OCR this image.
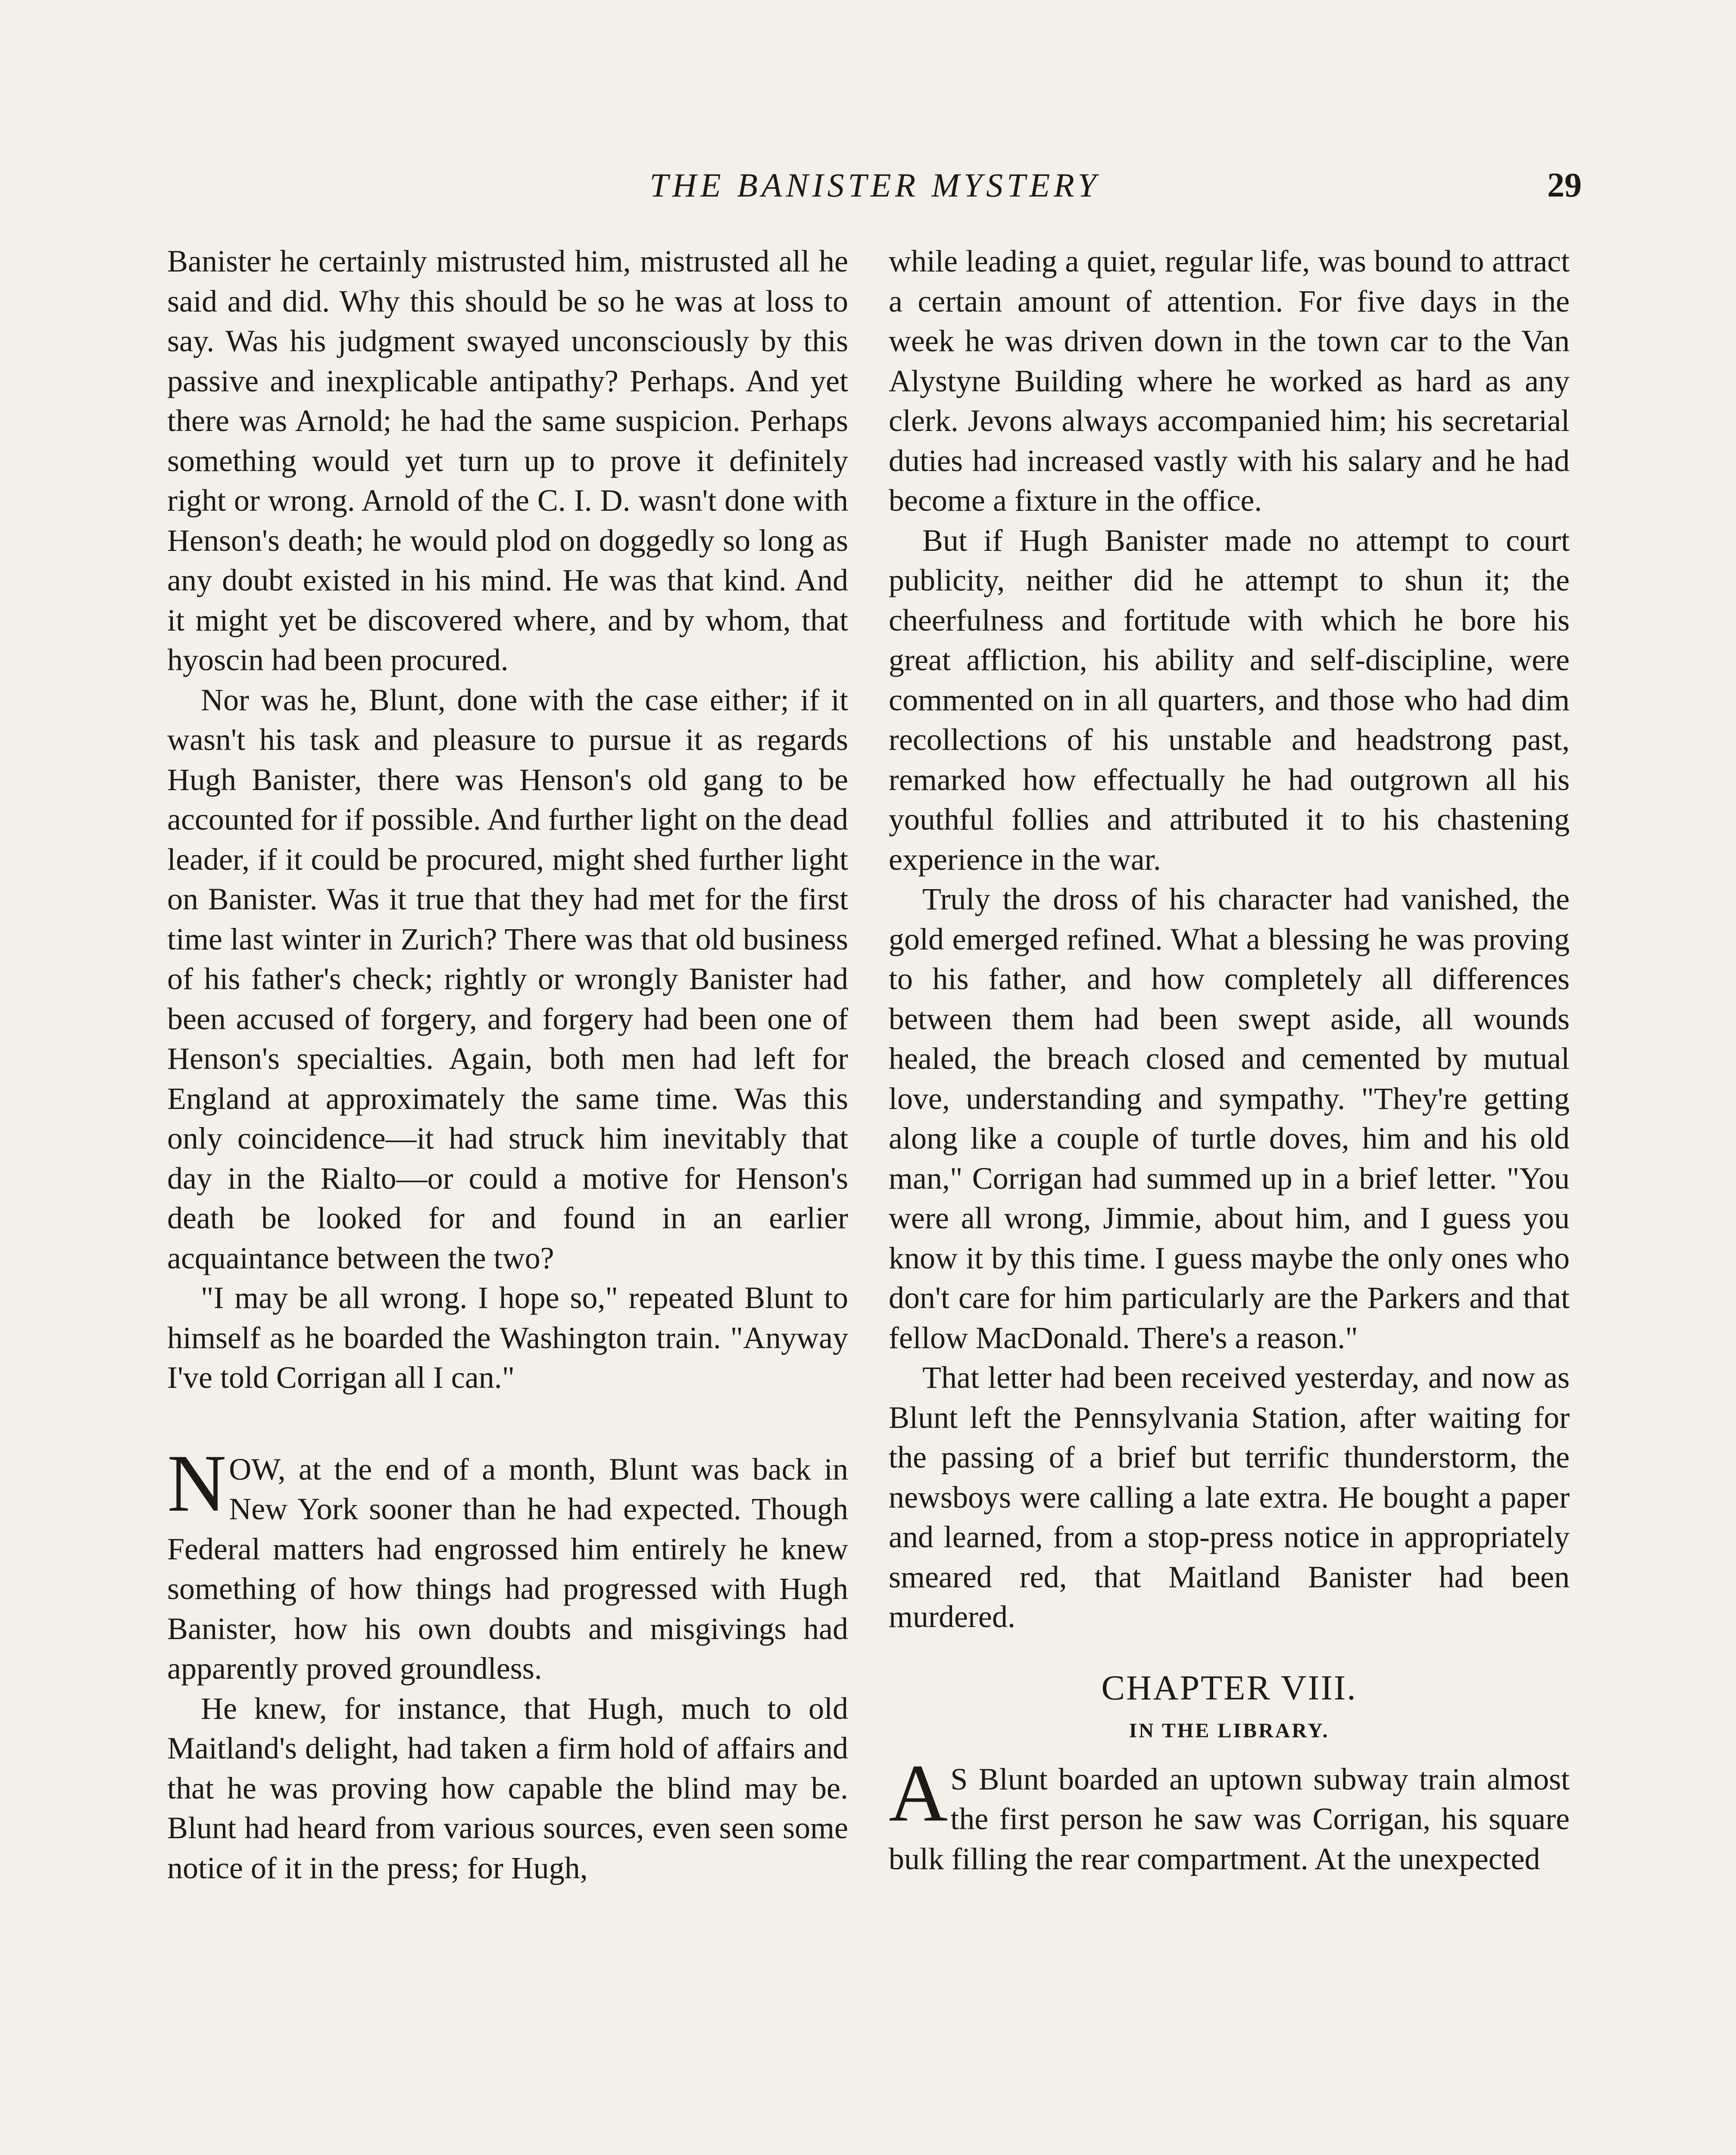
THE BANISTER MYSTERY	29

Banister he certainly mistrusted him, mistrusted all he said and did. Why this should be so he was at loss to say. Was his judgment swayed unconsciously by this passive and inexplicable antipathy? Perhaps. And yet there was Arnold; he had the same suspicion. Perhaps something would yet turn up to prove it definitely right or wrong. Arnold of the C. I. D. wasn't done with Henson's death; he would plod on doggedly so long as any doubt existed in his mind. He was that kind. And it might yet be discovered where, and by whom, that hyoscin had been procured.

Nor was he, Blunt, done with the case either; if it wasn't his task and pleasure to pursue it as regards Hugh Banister, there was Henson's old gang to be accounted for if possible. And further light on the dead leader, if it could be procured, might shed further light on Banister. Was it true that they had met for the first time last winter in Zurich? There was that old business of his father's check; rightly or wrongly Banister had been accused of forgery, and forgery had been one of Henson's specialties. Again, both men had left for England at approximately the same time. Was this only coincidence—it had struck him inevitably that day in the Rialto—or could a motive for Henson's death be looked for and found in an earlier acquaintance between the two?

"I may be all wrong. I hope so," repeated Blunt to himself as he boarded the Washington train. "Anyway I've told Corrigan all I can."

NOW, at the end of a month, Blunt was back in New York sooner than he had expected. Though Federal matters had engrossed him entirely he knew something of how things had progressed with Hugh Banister, how his own doubts and misgivings had apparently proved groundless.

He knew, for instance, that Hugh, much to old Maitland's delight, had taken a firm hold of affairs and that he was proving how capable the blind may be. Blunt had heard from various sources, even seen some notice of it in the press; for Hugh,

while leading a quiet, regular life, was bound to attract a certain amount of attention. For five days in the week he was driven down in the town car to the Van Alystyne Building where he worked as hard as any clerk. Jevons always accompanied him; his secretarial duties had increased vastly with his salary and he had become a fixture in the office.

But if Hugh Banister made no attempt to court publicity, neither did he attempt to shun it; the cheerfulness and fortitude with which he bore his great affliction, his ability and self-discipline, were commented on in all quarters, and those who had dim recollections of his unstable and headstrong past, remarked how effectually he had outgrown all his youthful follies and attributed it to his chastening experience in the war.

Truly the dross of his character had vanished, the gold emerged refined. What a blessing he was proving to his father, and how completely all differences between them had been swept aside, all wounds healed, the breach closed and cemented by mutual love, understanding and sympathy. "They're getting along like a couple of turtle doves, him and his old man," Corrigan had summed up in a brief letter. "You were all wrong, Jimmie, about him, and I guess you know it by this time. I guess maybe the only ones who don't care for him particularly are the Parkers and that fellow MacDonald. There's a reason."

That letter had been received yesterday, and now as Blunt left the Pennsylvania Station, after waiting for the passing of a brief but terrific thunderstorm, the newsboys were calling a late extra. He bought a paper and learned, from a stop-press notice in appropriately smeared red, that Maitland Banister had been murdered.

CHAPTER VIII.
IN THE LIBRARY.

A S Blunt boarded an uptown subway train almost the first person he saw was Corrigan, his square bulk filling the rear compartment. At the unexpected
